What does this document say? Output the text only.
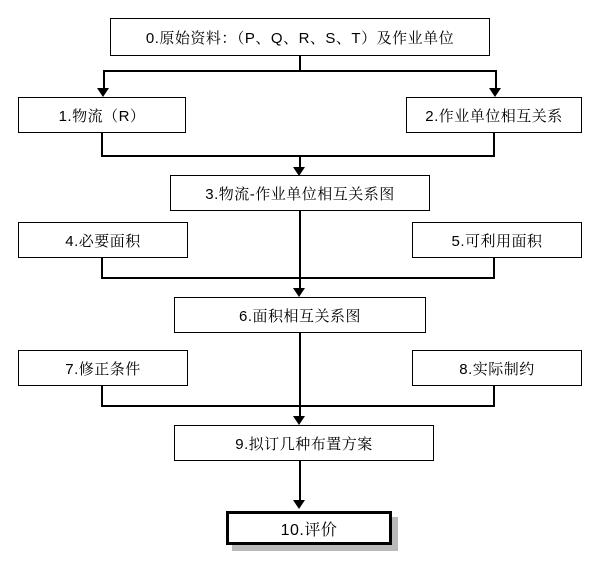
0.原始资料：（P、Q、R、S、T）及作业单位
1.物流（R）	2.作业单位相互关系
3.物流-作业单位相互关系图
4.必要面积	5.可利用面积
6.面积相互关系图
7.修正条件	8.实际制约
9.拟订几种布置方案
10.评价
